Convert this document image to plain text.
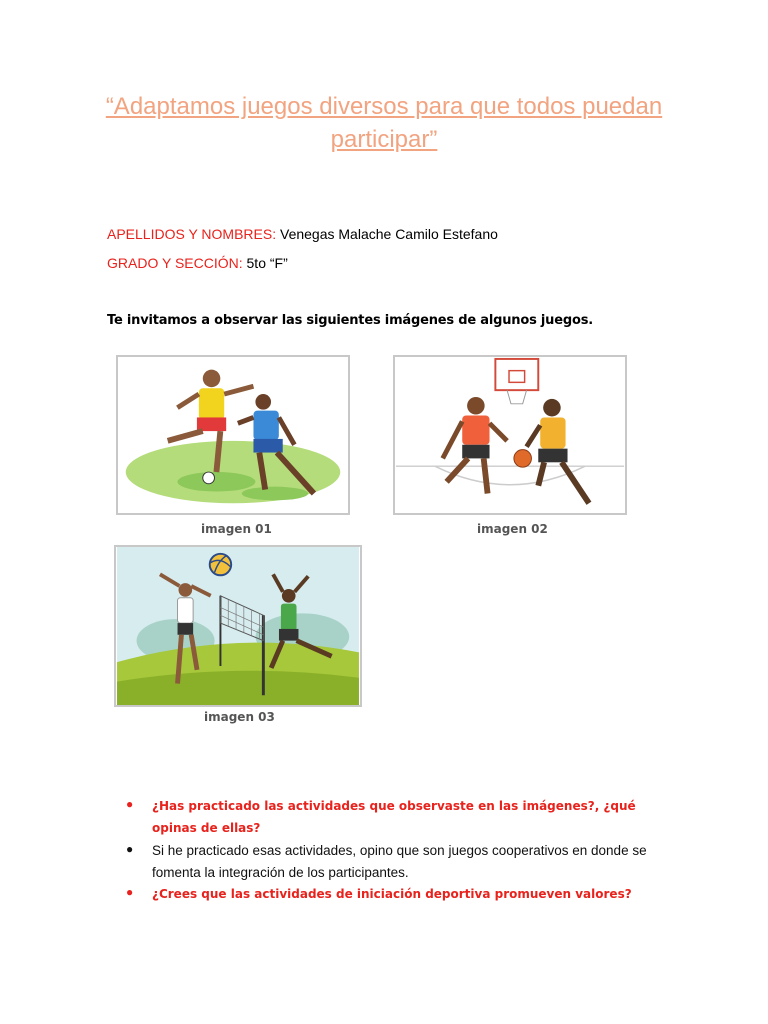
“Adaptamos juegos diversos para que todos puedan participar”
APELLIDOS Y NOMBRES: Venegas Malache Camilo Estefano
GRADO Y SECCIÓN: 5to “F”
Te invitamos a observar las siguientes imágenes de algunos juegos.
imagen 01	imagen 02
imagen 03
● ¿Has practicado las actividades que observaste en las imágenes?, ¿qué opinas de ellas?
● Si he practicado esas actividades, opino que son juegos cooperativos en donde se fomenta la integración de los participantes.
● ¿Crees que las actividades de iniciación deportiva promueven valores?
